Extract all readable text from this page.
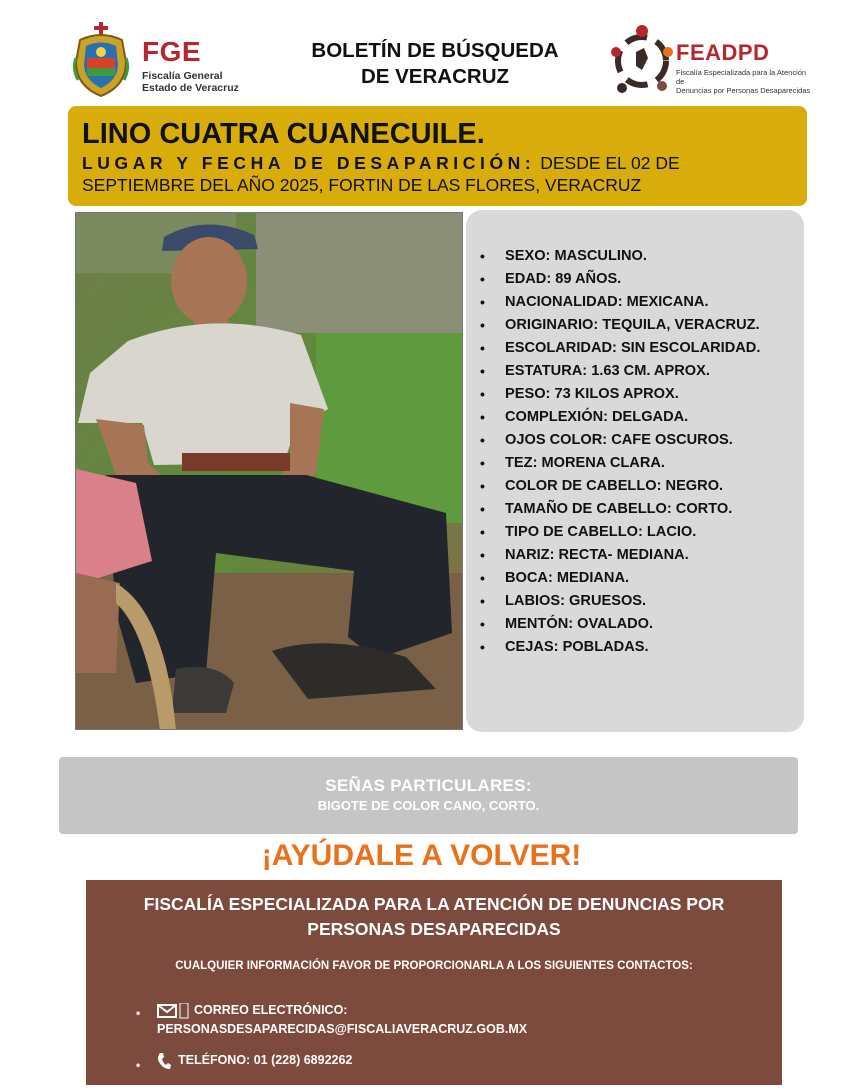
FGE
Fiscalía General
Estado de Veracruz
BOLETÍN DE BÚSQUEDA
DE VERACRUZ
FEADPD
Fiscalía Especializada para la Atención de
Denuncias por Personas Desaparecidas
LINO CUATRA CUANECUILE.
LUGAR Y FECHA DE DESAPARICIÓN: DESDE EL 02 DE SEPTIEMBRE DEL AÑO 2025, FORTIN DE LAS FLORES, VERACRUZ
• SEXO: MASCULINO.
• EDAD: 89 AÑOS.
• NACIONALIDAD: MEXICANA.
• ORIGINARIO: TEQUILA, VERACRUZ.
• ESCOLARIDAD: SIN ESCOLARIDAD.
• ESTATURA: 1.63 CM. APROX.
• PESO: 73 KILOS APROX.
• COMPLEXIÓN: DELGADA.
• OJOS COLOR: CAFE OSCUROS.
• TEZ: MORENA CLARA.
• COLOR DE CABELLO: NEGRO.
• TAMAÑO DE CABELLO: CORTO.
• TIPO DE CABELLO: LACIO.
• NARIZ: RECTA- MEDIANA.
• BOCA: MEDIANA.
• LABIOS: GRUESOS.
• MENTÓN: OVALADO.
• CEJAS: POBLADAS.
SEÑAS PARTICULARES:
BIGOTE DE COLOR CANO, CORTO.
¡AYÚDALE A VOLVER!
FISCALÍA ESPECIALIZADA PARA LA ATENCIÓN DE DENUNCIAS POR PERSONAS DESAPARECIDAS
CUALQUIER INFORMACIÓN FAVOR DE PROPORCIONARLA A LOS SIGUIENTES CONTACTOS:
• CORREO ELECTRÓNICO:
PERSONASDESAPARECIDAS@FISCALIAVERACRUZ.GOB.MX
• TELÉFONO: 01 (228) 6892262
